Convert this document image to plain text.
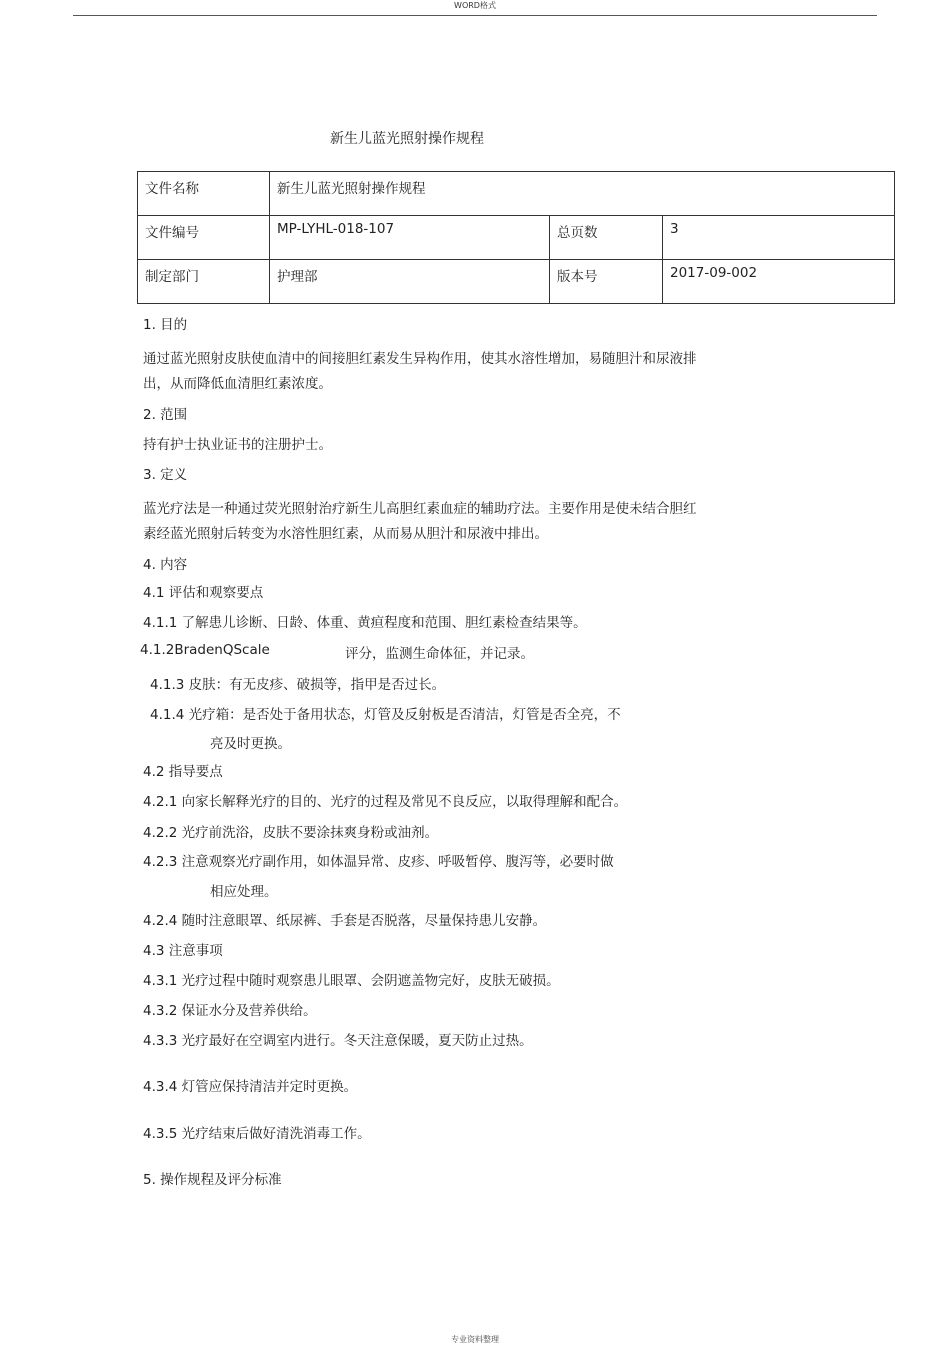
WORD格式
新生儿蓝光照射操作规程
文件名称	新生儿蓝光照射操作规程		
文件编号	MP-LYHL-018-107	总页数	3
制定部门	护理部	版本号	2017-09-002
1. 目的
通过蓝光照射皮肤使血清中的间接胆红素发生异构作用，使其水溶性增加，易随胆汁和尿液排
出，从而降低血清胆红素浓度。
2. 范围
持有护士执业证书的注册护士。
3. 定义
蓝光疗法是一种通过荧光照射治疗新生儿高胆红素血症的辅助疗法。主要作用是使未结合胆红
素经蓝光照射后转变为水溶性胆红素，从而易从胆汁和尿液中排出。
4. 内容
4.1 评估和观察要点
4.1.1 了解患儿诊断、日龄、体重、黄疸程度和范围、胆红素检查结果等。
4.1.2BradenQScale	评分，监测生命体征，并记录。
4.1.3 皮肤：有无皮疹、破损等，指甲是否过长。
4.1.4 光疗箱：是否处于备用状态，灯管及反射板是否清洁，灯管是否全亮，不
亮及时更换。
4.2 指导要点
4.2.1 向家长解释光疗的目的、光疗的过程及常见不良反应，以取得理解和配合。
4.2.2 光疗前洗浴，皮肤不要涂抹爽身粉或油剂。
4.2.3 注意观察光疗副作用，如体温异常、皮疹、呼吸暂停、腹泻等，必要时做
相应处理。
4.2.4 随时注意眼罩、纸尿裤、手套是否脱落，尽量保持患儿安静。
4.3 注意事项
4.3.1 光疗过程中随时观察患儿眼罩、会阴遮盖物完好，皮肤无破损。
4.3.2 保证水分及营养供给。
4.3.3 光疗最好在空调室内进行。冬天注意保暖，夏天防止过热。
4.3.4 灯管应保持清洁并定时更换。
4.3.5 光疗结束后做好清洗消毒工作。
5. 操作规程及评分标准
专业资料整理
